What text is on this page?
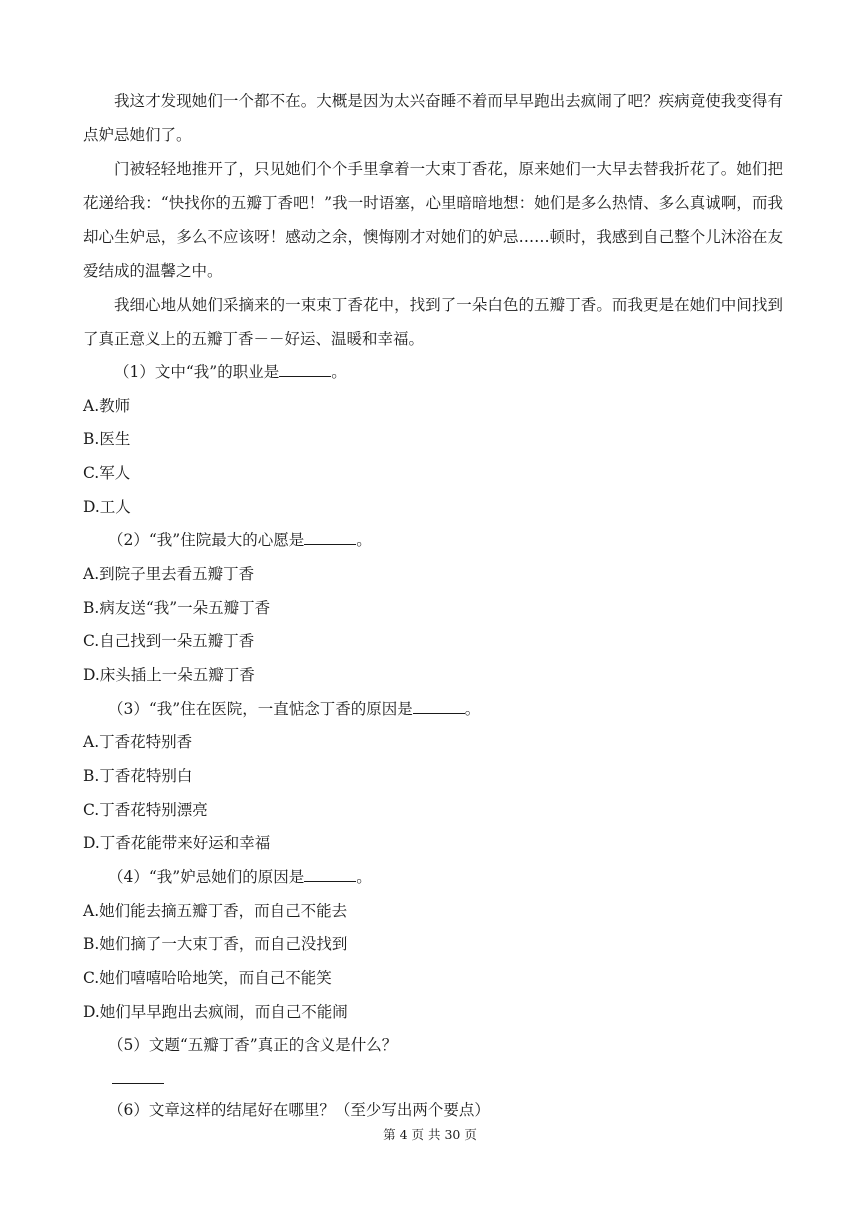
我这才发现她们一个都不在。大概是因为太兴奋睡不着而早早跑出去疯闹了吧？疾病竟使我变得有点妒忌她们了。

门被轻轻地推开了，只见她们个个手里拿着一大束丁香花，原来她们一大早去替我折花了。她们把花递给我：“快找你的五瓣丁香吧！”我一时语塞，心里暗暗地想：她们是多么热情、多么真诚啊，而我却心生妒忌，多么不应该呀！感动之余，懊悔刚才对她们的妒忌……顿时，我感到自己整个儿沐浴在友爱结成的温馨之中。

我细心地从她们采摘来的一束束丁香花中，找到了一朵白色的五瓣丁香。而我更是在她们中间找到了真正意义上的五瓣丁香－－好运、温暖和幸福。

（1）文中“我”的职业是	。
A.教师
B.医生
C.军人
D.工人
（2）“我”住院最大的心愿是	。
A.到院子里去看五瓣丁香
B.病友送“我”一朵五瓣丁香
C.自己找到一朵五瓣丁香
D.床头插上一朵五瓣丁香
（3）“我”住在医院，一直惦念丁香的原因是	。
A.丁香花特别香
B.丁香花特别白
C.丁香花特别漂亮
D.丁香花能带来好运和幸福
（4）“我”妒忌她们的原因是	。
A.她们能去摘五瓣丁香，而自己不能去
B.她们摘了一大束丁香，而自己没找到
C.她们嘻嘻哈哈地笑，而自己不能笑
D.她们早早跑出去疯闹，而自己不能闹
（5）文题“五瓣丁香”真正的含义是什么？
（6）文章这样的结尾好在哪里？（至少写出两个要点）
第 4 页 共 30 页
